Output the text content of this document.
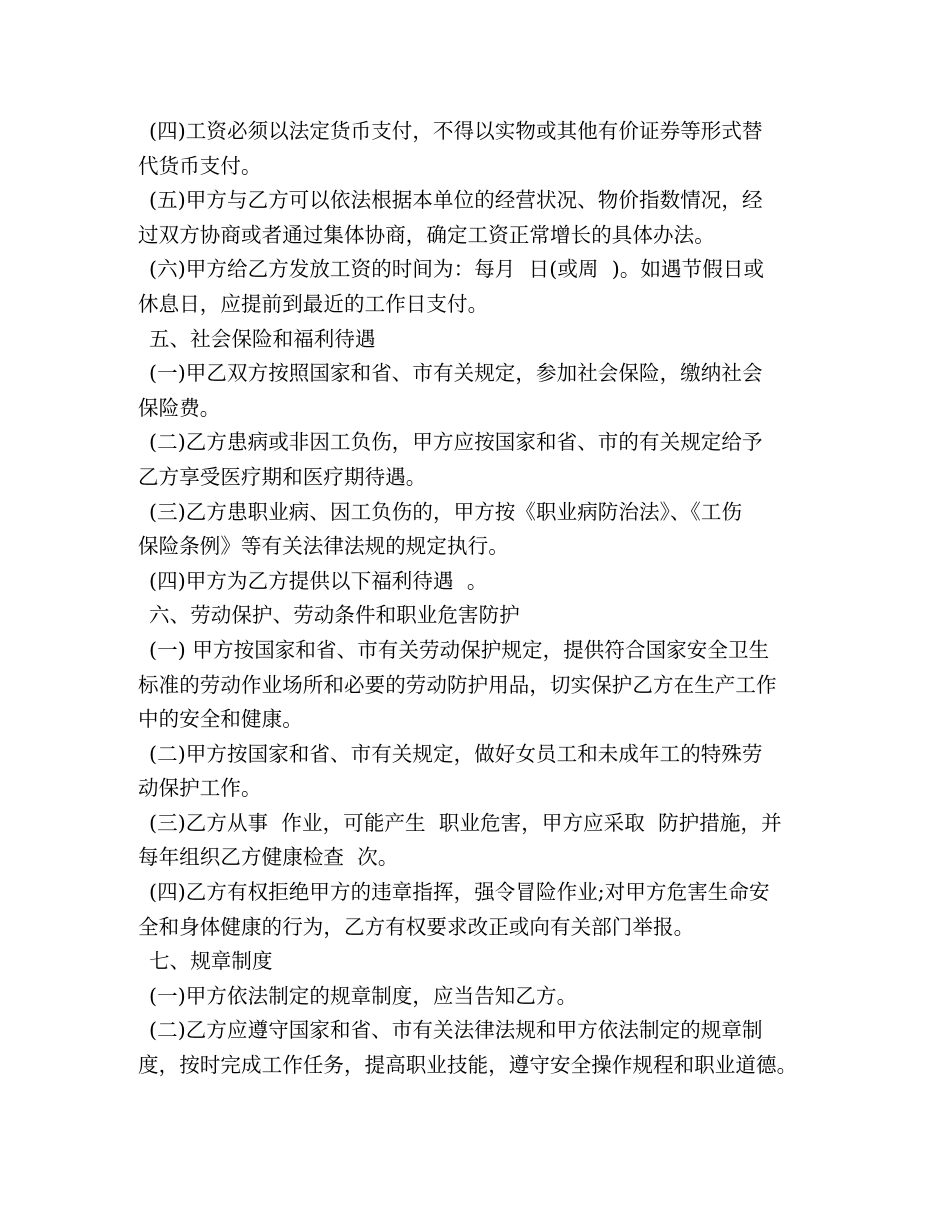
(四)工资必须以法定货币支付，不得以实物或其他有价证券等形式替
代货币支付。
(五)甲方与乙方可以依法根据本单位的经营状况、物价指数情况，经
过双方协商或者通过集体协商，确定工资正常增长的具体办法。
(六)甲方给乙方发放工资的时间为：每月  日(或周  )。如遇节假日或
休息日，应提前到最近的工作日支付。
五、社会保险和福利待遇
(一)甲乙双方按照国家和省、市有关规定，参加社会保险，缴纳社会
保险费。
(二)乙方患病或非因工负伤，甲方应按国家和省、市的有关规定给予
乙方享受医疗期和医疗期待遇。
(三)乙方患职业病、因工负伤的，甲方按《职业病防治法》、《工伤
保险条例》等有关法律法规的规定执行。
(四)甲方为乙方提供以下福利待遇  。
六、劳动保护、劳动条件和职业危害防护
(一) 甲方按国家和省、市有关劳动保护规定，提供符合国家安全卫生
标准的劳动作业场所和必要的劳动防护用品，切实保护乙方在生产工作
中的安全和健康。
(二)甲方按国家和省、市有关规定，做好女员工和未成年工的特殊劳
动保护工作。
(三)乙方从事  作业，可能产生  职业危害，甲方应采取  防护措施，并
每年组织乙方健康检查  次。
(四)乙方有权拒绝甲方的违章指挥，强令冒险作业;对甲方危害生命安
全和身体健康的行为，乙方有权要求改正或向有关部门举报。
七、规章制度
(一)甲方依法制定的规章制度，应当告知乙方。
(二)乙方应遵守国家和省、市有关法律法规和甲方依法制定的规章制
度，按时完成工作任务，提高职业技能，遵守安全操作规程和职业道德。
